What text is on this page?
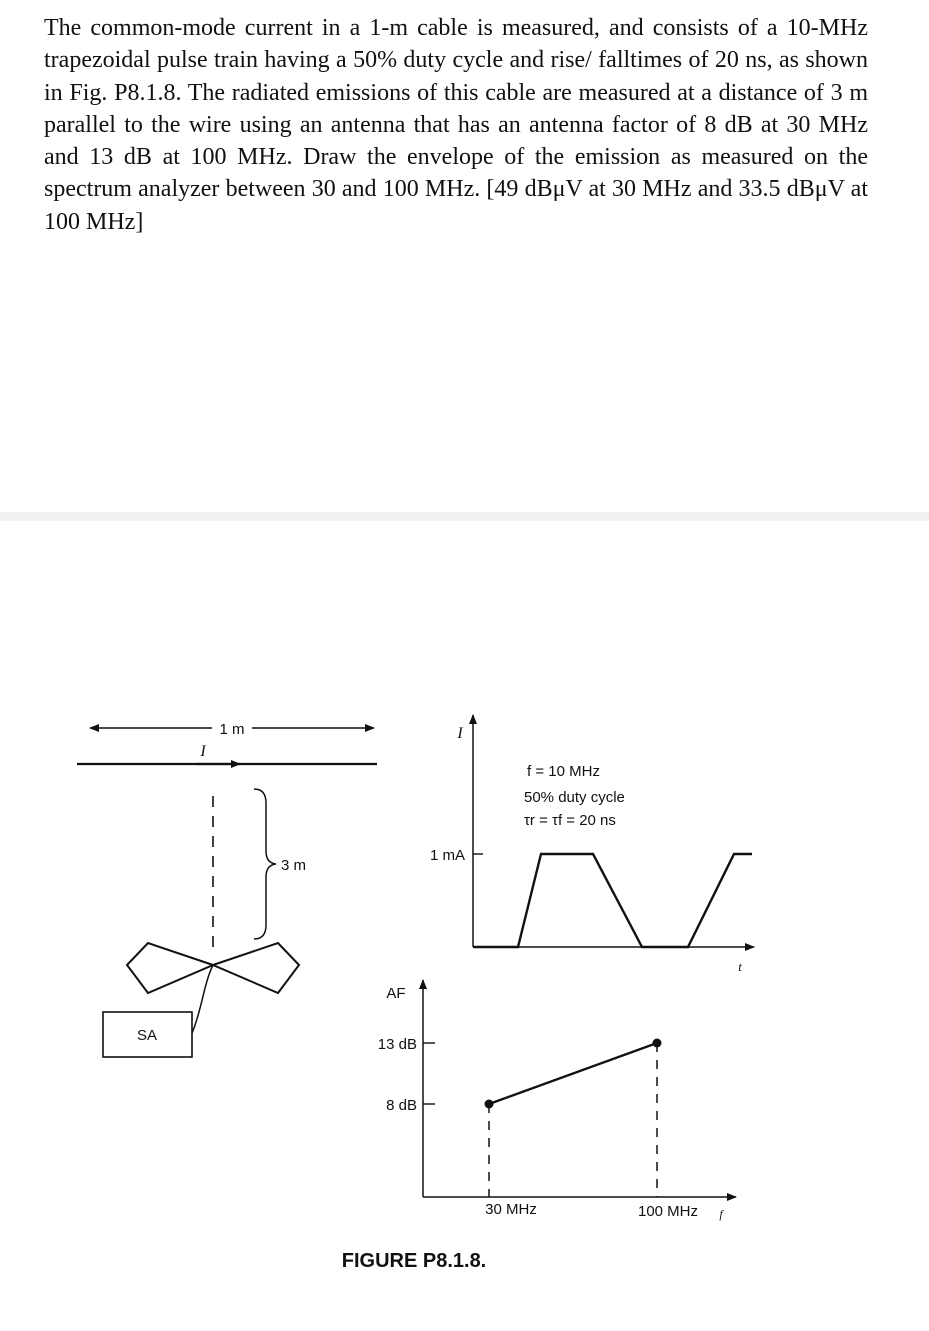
The common-mode current in a 1-m cable is measured, and consists of a 10-MHz trapezoidal pulse train having a 50% duty cycle and rise/ falltimes of 20 ns, as shown in Fig. P8.1.8. The radiated emissions of this cable are measured at a distance of 3 m parallel to the wire using an antenna that has an antenna factor of 8 dB at 30 MHz and 13 dB at 100 MHz. Draw the envelope of the emission as measured on the spectrum analyzer between 30 and 100 MHz. [49 dBμV at 30 MHz and 33.5 dBμV at 100 MHz]

1 m
I
3 m
SA
I
t
1 mA
f = 10 MHz
50% duty cycle
τr = τf = 20 ns
AF
f
13 dB
8 dB
30 MHz	100 MHz
FIGURE P8.1.8.
